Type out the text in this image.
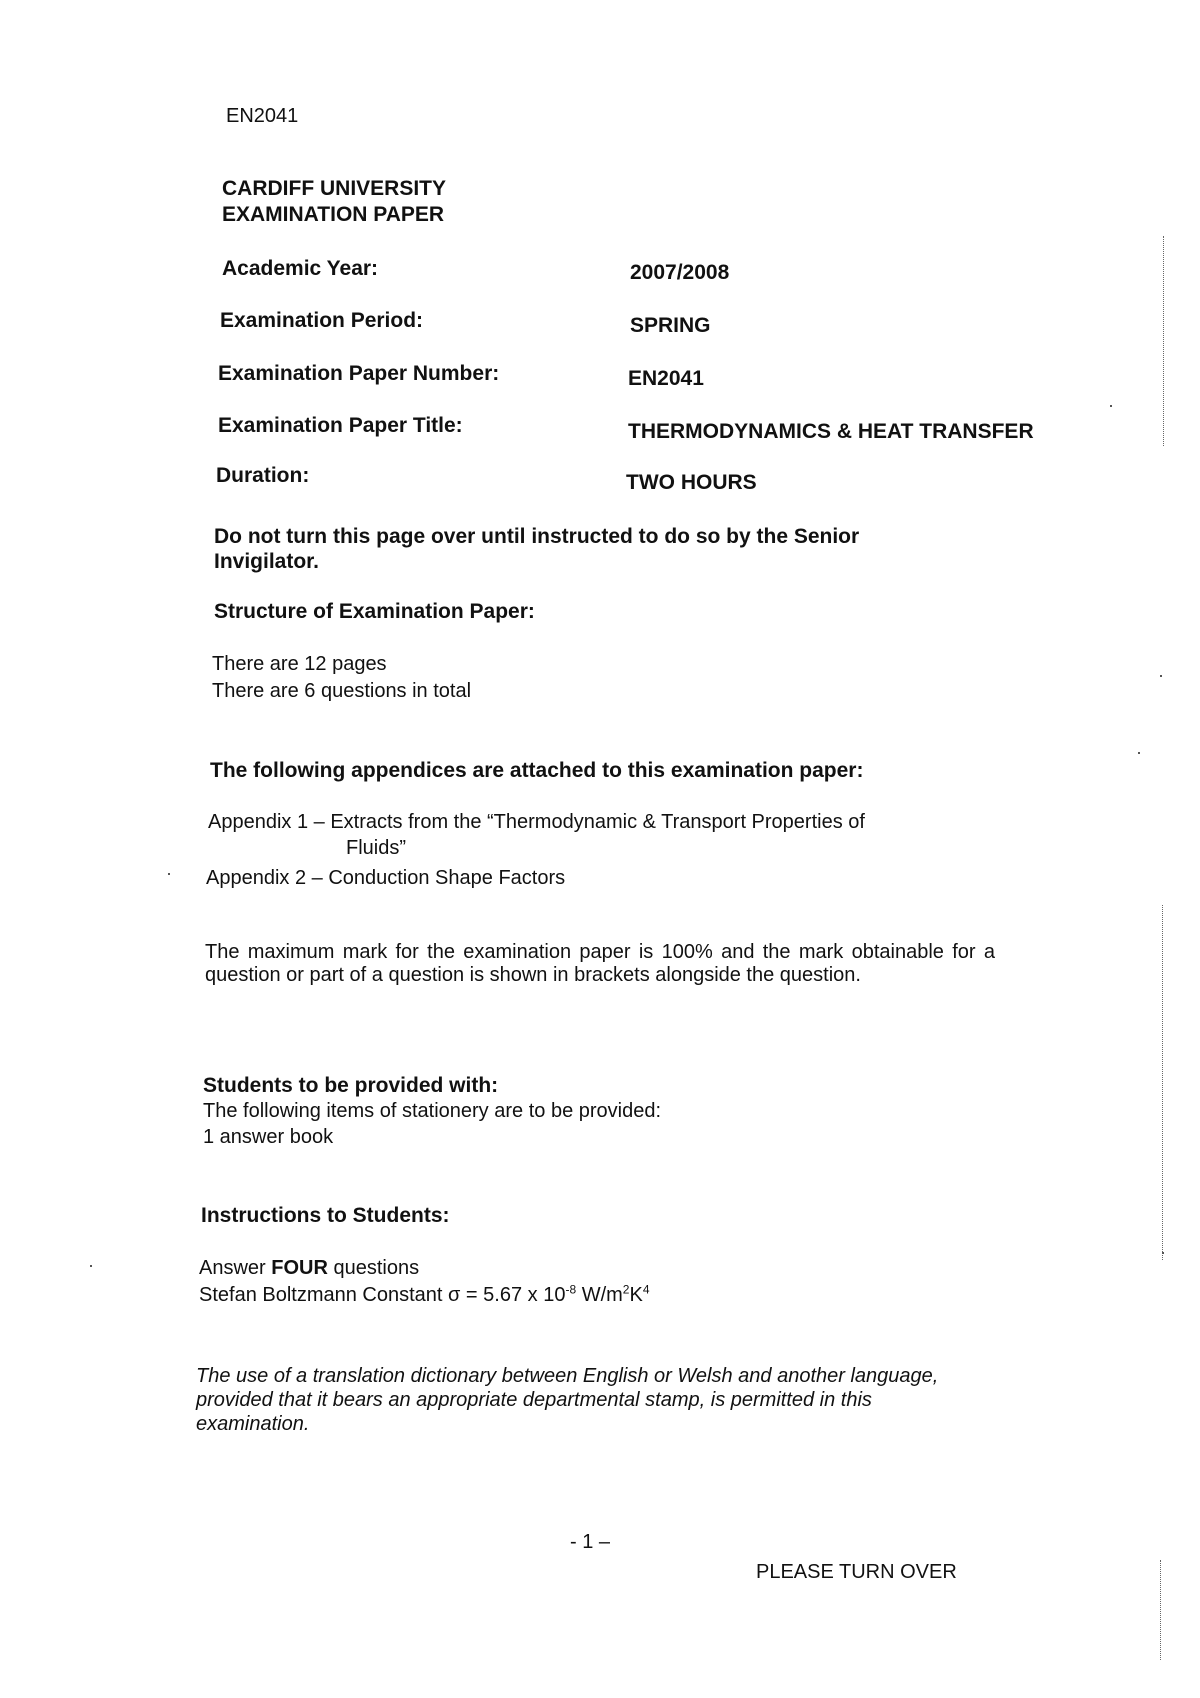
EN2041
CARDIFF UNIVERSITY
EXAMINATION PAPER
Academic Year:	2007/2008
Examination Period:	SPRING
Examination Paper Number:	EN2041
Examination Paper Title:	THERMODYNAMICS & HEAT TRANSFER
Duration:	TWO HOURS
Do not turn this page over until instructed to do so by the Senior
Invigilator.
Structure of Examination Paper:
There are 12 pages
There are 6 questions in total
The following appendices are attached to this examination paper:
Appendix 1 – Extracts from the “Thermodynamic & Transport Properties of
Fluids”
Appendix 2 – Conduction Shape Factors
The maximum mark for the examination paper is 100% and the mark obtainable for a question or part of a question is shown in brackets alongside the question.
Students to be provided with:
The following items of stationery are to be provided:
1 answer book
Instructions to Students:
Answer FOUR questions
Stefan Boltzmann Constant σ = 5.67 x $10^{-8}$ $W/m^2K^4$
The use of a translation dictionary between English or Welsh and another language, provided that it bears an appropriate departmental stamp, is permitted in this examination.
- 1 –
PLEASE TURN OVER
